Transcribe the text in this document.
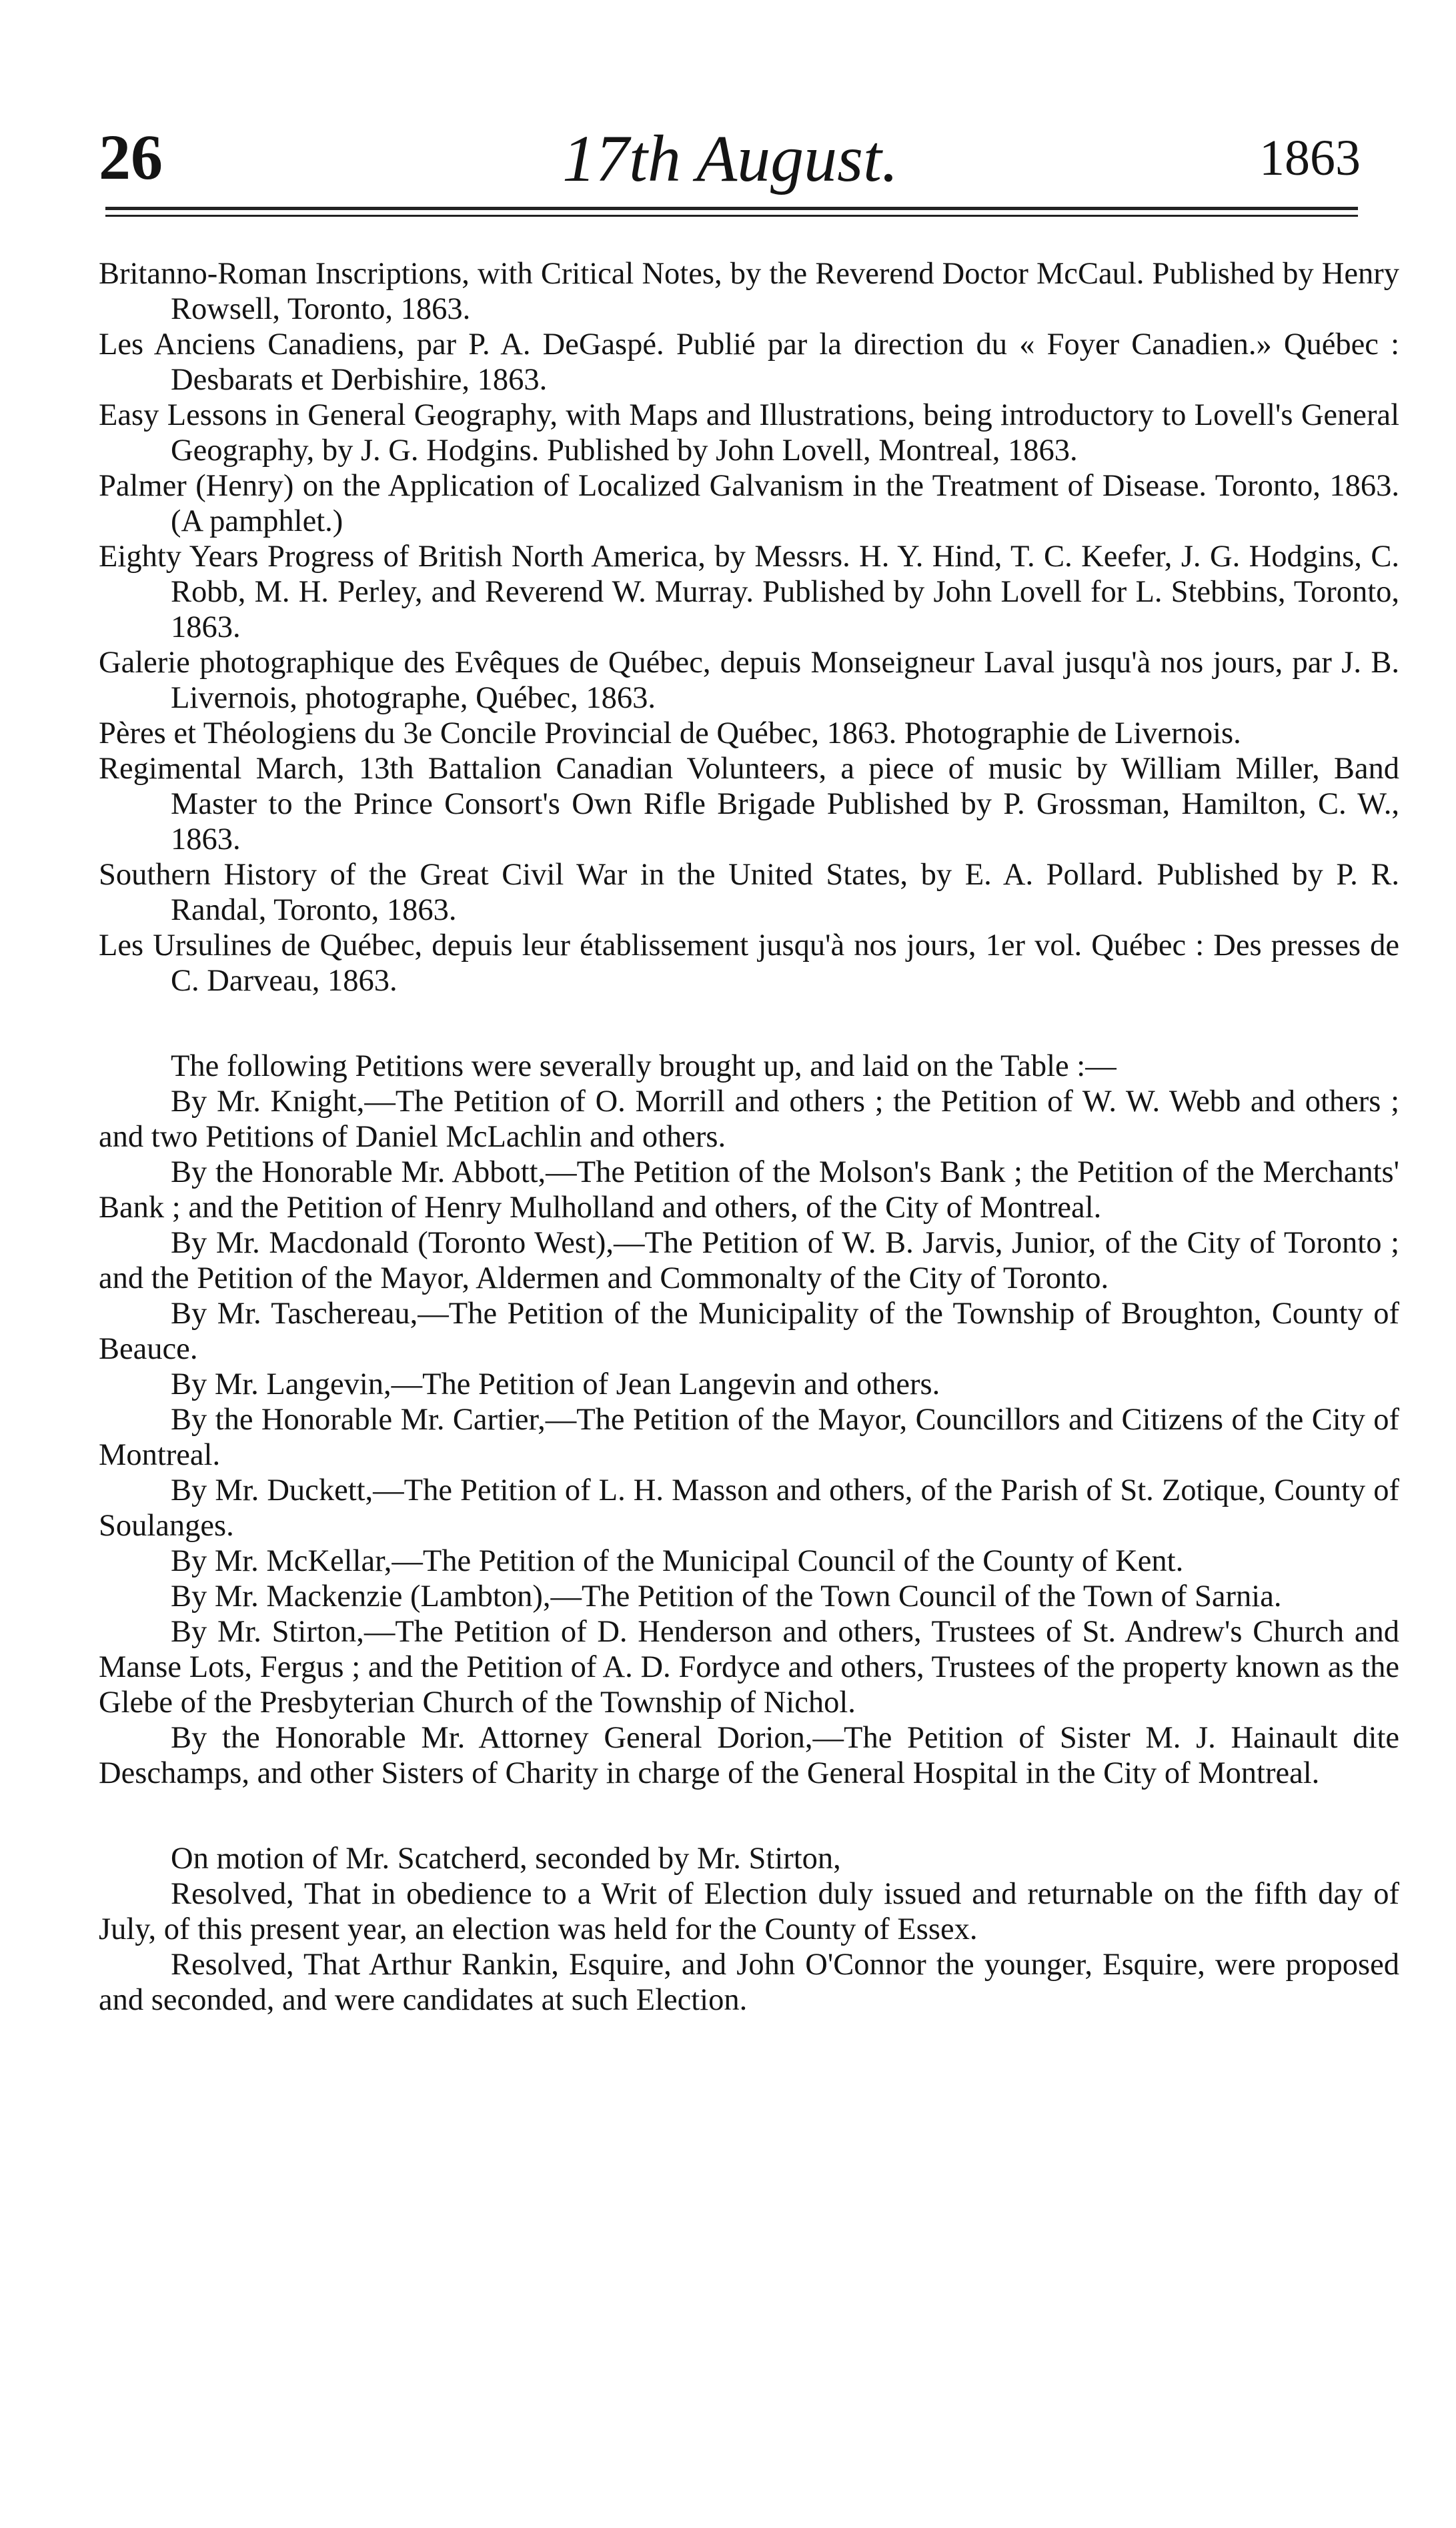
26	17th August.	1863

Britanno-Roman Inscriptions, with Critical Notes, by the Reverend Doctor McCaul. Published by Henry Rowsell, Toronto, 1863.

Les Anciens Canadiens, par P. A. DeGaspé. Publié par la direction du « Foyer Canadien.» Québec : Desbarats et Derbishire, 1863.

Easy Lessons in General Geography, with Maps and Illustrations, being introductory to Lovell's General Geography, by J. G. Hodgins. Published by John Lovell, Montreal, 1863.

Palmer (Henry) on the Application of Localized Galvanism in the Treatment of Disease. Toronto, 1863. (A pamphlet.)

Eighty Years Progress of British North America, by Messrs. H. Y. Hind, T. C. Keefer, J. G. Hodgins, C. Robb, M. H. Perley, and Reverend W. Murray. Published by John Lovell for L. Stebbins, Toronto, 1863.

Galerie photographique des Evêques de Québec, depuis Monseigneur Laval jusqu'à nos jours, par J. B. Livernois, photographe, Québec, 1863.

Pères et Théologiens du 3e Concile Provincial de Québec, 1863. Photographie de Livernois.

Regimental March, 13th Battalion Canadian Volunteers, a piece of music by William Miller, Band Master to the Prince Consort's Own Rifle Brigade Published by P. Grossman, Hamilton, C. W., 1863.

Southern History of the Great Civil War in the United States, by E. A. Pollard. Published by P. R. Randal, Toronto, 1863.

Les Ursulines de Québec, depuis leur établissement jusqu'à nos jours, 1er vol. Québec : Des presses de C. Darveau, 1863.

The following Petitions were severally brought up, and laid on the Table :—

By Mr. Knight,—The Petition of O. Morrill and others ; the Petition of W. W. Webb and others ; and two Petitions of Daniel McLachlin and others.

By the Honorable Mr. Abbott,—The Petition of the Molson's Bank ; the Petition of the Merchants' Bank ; and the Petition of Henry Mulholland and others, of the City of Montreal.

By Mr. Macdonald (Toronto West),—The Petition of W. B. Jarvis, Junior, of the City of Toronto ; and the Petition of the Mayor, Aldermen and Commonalty of the City of Toronto.

By Mr. Taschereau,—The Petition of the Municipality of the Township of Broughton, County of Beauce.

By Mr. Langevin,—The Petition of Jean Langevin and others.

By the Honorable Mr. Cartier,—The Petition of the Mayor, Councillors and Citizens of the City of Montreal.

By Mr. Duckett,—The Petition of L. H. Masson and others, of the Parish of St. Zotique, County of Soulanges.

By Mr. McKellar,—The Petition of the Municipal Council of the County of Kent.

By Mr. Mackenzie (Lambton),—The Petition of the Town Council of the Town of Sarnia.

By Mr. Stirton,—The Petition of D. Henderson and others, Trustees of St. Andrew's Church and Manse Lots, Fergus ; and the Petition of A. D. Fordyce and others, Trustees of the property known as the Glebe of the Presbyterian Church of the Township of Nichol.

By the Honorable Mr. Attorney General Dorion,—The Petition of Sister M. J. Hainault dite Deschamps, and other Sisters of Charity in charge of the General Hospital in the City of Montreal.

On motion of Mr. Scatcherd, seconded by Mr. Stirton,

Resolved, That in obedience to a Writ of Election duly issued and returnable on the fifth day of July, of this present year, an election was held for the County of Essex.

Resolved, That Arthur Rankin, Esquire, and John O'Connor the younger, Esquire, were proposed and seconded, and were candidates at such Election.
